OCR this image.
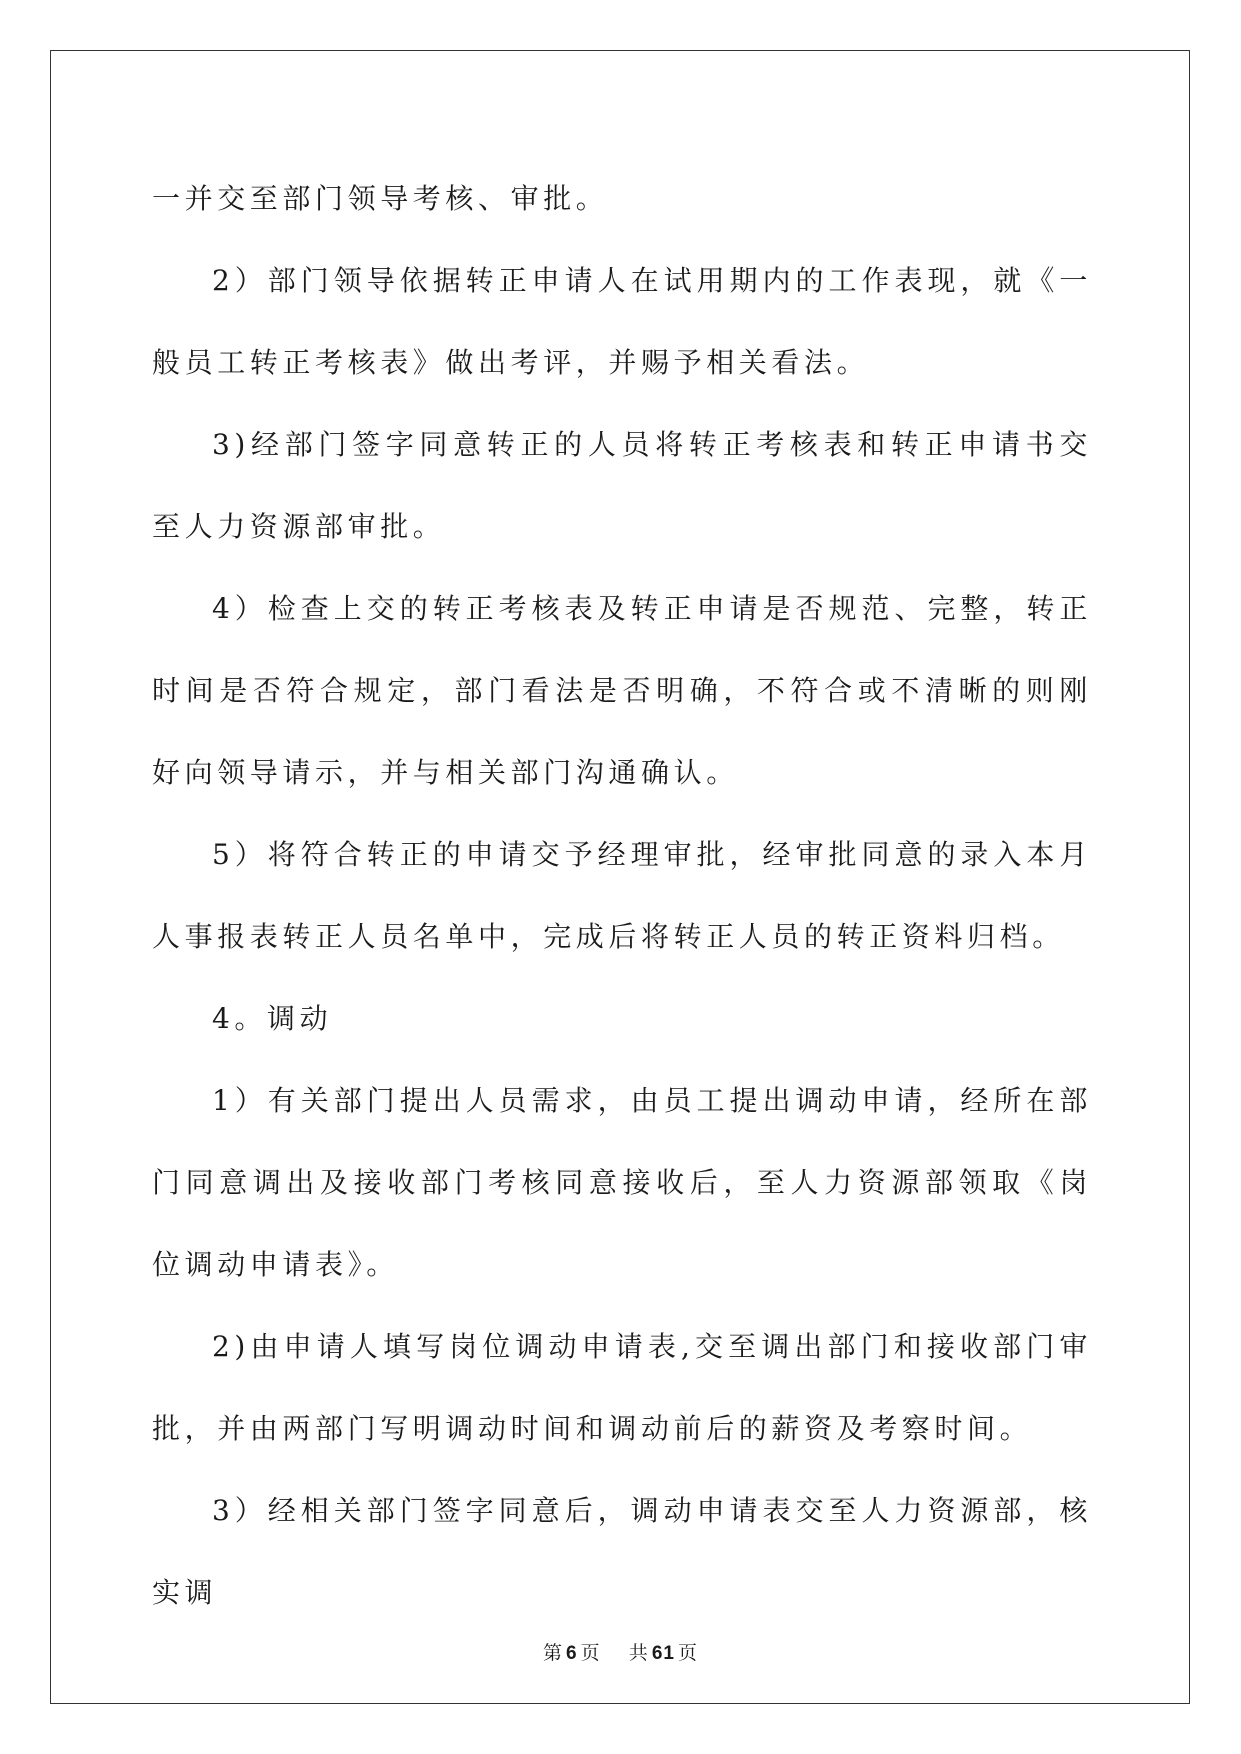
一并交至部门领导考核、审批。

2）部门领导依据转正申请人在试用期内的工作表现，就《一般员工转正考核表》做出考评，并赐予相关看法。

3)经部门签字同意转正的人员将转正考核表和转正申请书交至人力资源部审批。

4）检查上交的转正考核表及转正申请是否规范、完整，转正时间是否符合规定，部门看法是否明确，不符合或不清晰的则刚好向领导请示，并与相关部门沟通确认。

5）将符合转正的申请交予经理审批，经审批同意的录入本月人事报表转正人员名单中，完成后将转正人员的转正资料归档。

4。调动

1）有关部门提出人员需求，由员工提出调动申请，经所在部门同意调出及接收部门考核同意接收后，至人力资源部领取《岗位调动申请表》。

2)由申请人填写岗位调动申请表,交至调出部门和接收部门审批，并由两部门写明调动时间和调动前后的薪资及考察时间。

3）经相关部门签字同意后，调动申请表交至人力资源部，核实调

第 6 页 共 61 页
